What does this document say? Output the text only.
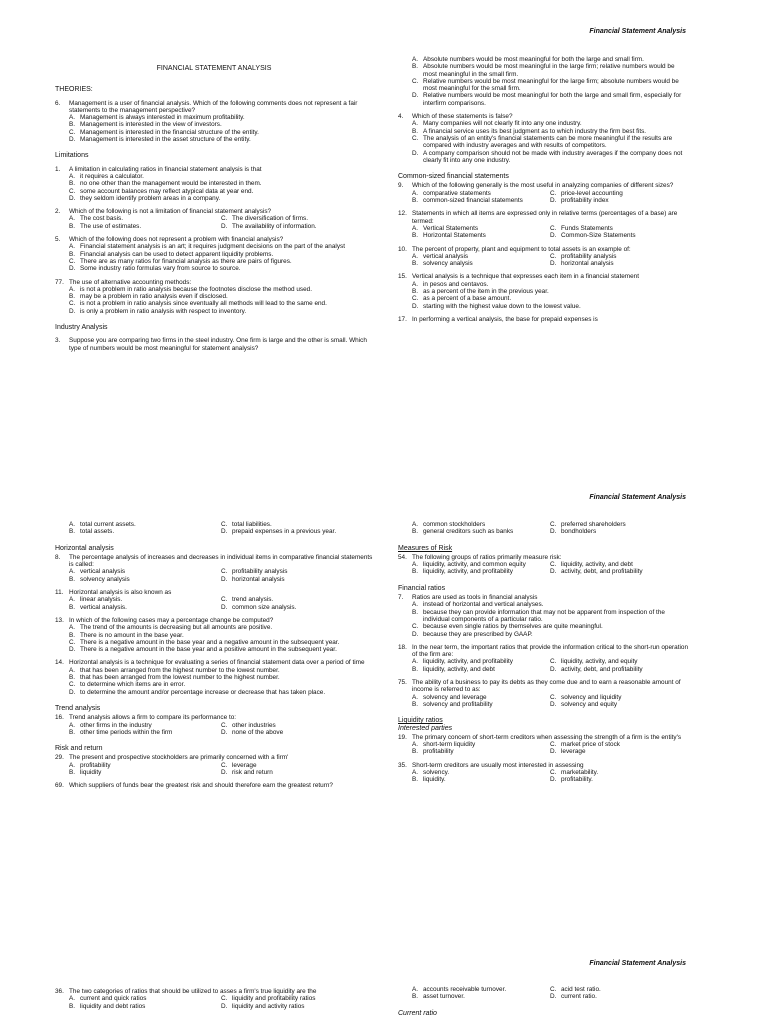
Financial Statement Analysis
FINANCIAL STATEMENT ANALYSIS
THEORIES:
6.	Management is a user of financial analysis. Which of the following comments does not represent a fair statements to the management perspective?
A. Management is always interested in maximum profitability.
B. Management is interested in the view of investors.
C. Management is interested in the financial structure of the entity.
D. Management is interested in the asset structure of the entity.
Limitations
1.	A limitation in calculating ratios in financial statement analysis is that
A. it requires a calculator.
B. no one other than the management would be interested in them.
C. some account balances may reflect atypical data at year end.
D. they seldom identify problem areas in a company.
2.	Which of the following is not a limitation of financial statement analysis?
A. The cost basis.	C. The diversification of firms.
B. The use of estimates.	D. The availability of information.
5.	Which of the following does not represent a problem with financial analysis?
A. Financial statement analysis is an art; it requires judgment decisions on the part of the analyst
B. Financial analysis can be used to detect apparent liquidity problems.
C. There are as many ratios for financial analysis as there are pairs of figures.
D. Some industry ratio formulas vary from source to source.
77. The use of alternative accounting methods:
A. is not a problem in ratio analysis because the footnotes disclose the method used.
B. may be a problem in ratio analysis even if disclosed.
C. is not a problem in ratio analysis since eventually all methods will lead to the same end.
D. is only a problem in ratio analysis with respect to inventory.
Industry Analysis
3.	Suppose you are comparing two firms in the steel industry. One firm is large and the other is small. Which type of numbers would be most meaningful for statement analysis?
A. Absolute numbers would be most meaningful for both the large and small firm.
B. Absolute numbers would be most meaningful in the large firm; relative numbers would be most meaningful in the small firm.
C. Relative numbers would be most meaningful for the large firm; absolute numbers would be most meaningful for the small firm.
D. Relative numbers would be most meaningful for both the large and small firm, especially for interfirm comparisons.
4.	Which of these statements is false?
A. Many companies will not clearly fit into any one industry.
B. A financial service uses its best judgment as to which industry the firm best fits.
C. The analysis of an entity's financial statements can be more meaningful if the results are compared with industry averages and with results of competitors.
D. A company comparison should not be made with industry averages if the company does not clearly fit into any one industry.
Common-sized financial statements
9.	Which of the following generally is the most useful in analyzing companies of different sizes?
A. comparative statements	C. price-level accounting
B. common-sized financial statements	D. profitability index
12. Statements in which all items are expressed only in relative terms (percentages of a base) are termed:
A. Vertical Statements	C. Funds Statements
B. Horizontal Statements	D. Common-Size Statements
10. The percent of property, plant and equipment to total assets is an example of:
A. vertical analysis	C. profitability analysis
B. solvency analysis	D. horizontal analysis
15. Vertical analysis is a technique that expresses each item in a financial statement
A. in pesos and centavos.
B. as a percent of the item in the previous year.
C. as a percent of a base amount.
D. starting with the highest value down to the lowest value.
17. In performing a vertical analysis, the base for prepaid expenses is
Financial Statement Analysis
A. total current assets.	C. total liabilities.
B. total assets.	D. prepaid expenses in a previous year.
Horizontal analysis
8.	The percentage analysis of increases and decreases in individual items in comparative financial statements is called:
A. vertical analysis	C. profitability analysis
B. solvency analysis	D. horizontal analysis
11. Horizontal analysis is also known as
A. linear analysis.	C. trend analysis.
B. vertical analysis.	D. common size analysis.
13. In which of the following cases may a percentage change be computed?
A. The trend of the amounts is decreasing but all amounts are positive.
B. There is no amount in the base year.
C. There is a negative amount in the base year and a negative amount in the subsequent year.
D. There is a negative amount in the base year and a positive amount in the subsequent year.
14. Horizontal analysis is a technique for evaluating a series of financial statement data over a period of time
A. that has been arranged from the highest number to the lowest number.
B. that has been arranged from the lowest number to the highest number.
C. to determine which items are in error.
D. to determine the amount and/or percentage increase or decrease that has taken place.
Trend analysis
16. Trend analysis allows a firm to compare its performance to:
A. other firms in the industry	C. other industries
B. other time periods within the firm	D. none of the above
Risk and return
29. The present and prospective stockholders are primarily concerned with a firm'
A. profitability	C. leverage
B. liquidity	D. risk and return
69. Which suppliers of funds bear the greatest risk and should therefore earn the greatest return?
A. common stockholders	C. preferred shareholders
B. general creditors such as banks	D. bondholders
Measures of Risk
54. The following groups of ratios primarily measure risk:
A. liquidity, activity, and common equity	C. liquidity, activity, and debt
B. liquidity, activity, and profitability	D. activity, debt, and profitability
Financial ratios
7.	Ratios are used as tools in financial analysis
A. instead of horizontal and vertical analyses.
B. because they can provide information that may not be apparent from inspection of the individual components of a particular ratio.
C. because even single ratios by themselves are quite meaningful.
D. because they are prescribed by GAAP.
18. In the near term, the important ratios that provide the information critical to the short-run operation of the firm are:
A. liquidity, activity, and profitability	C. liquidity, activity, and equity
B. liquidity, activity, and debt	D. activity, debt, and profitability
75. The ability of a business to pay its debts as they come due and to earn a reasonable amount of income is referred to as:
A. solvency and leverage	C. solvency and liquidity
B. solvency and profitability	D. solvency and equity
Liquidity ratios
Interested parties
19. The primary concern of short-term creditors when assessing the strength of a firm is the entity's
A. short-term liquidity	C. market price of stock
B. profitability	D. leverage
35. Short-term creditors are usually most interested in assessing
A. solvency.	C. marketability.
B. liquidity.	D. profitability.
Financial Statement Analysis
36. The two categories of ratios that should be utilized to asses a firm's true liquidity are the
A. current and quick ratios	C. liquidity and profitability ratios
B. liquidity and debt ratios	D. liquidity and activity ratios
A. accounts receivable turnover.	C. acid test ratio.
B. asset turnover.	D. current ratio.
Current ratio
